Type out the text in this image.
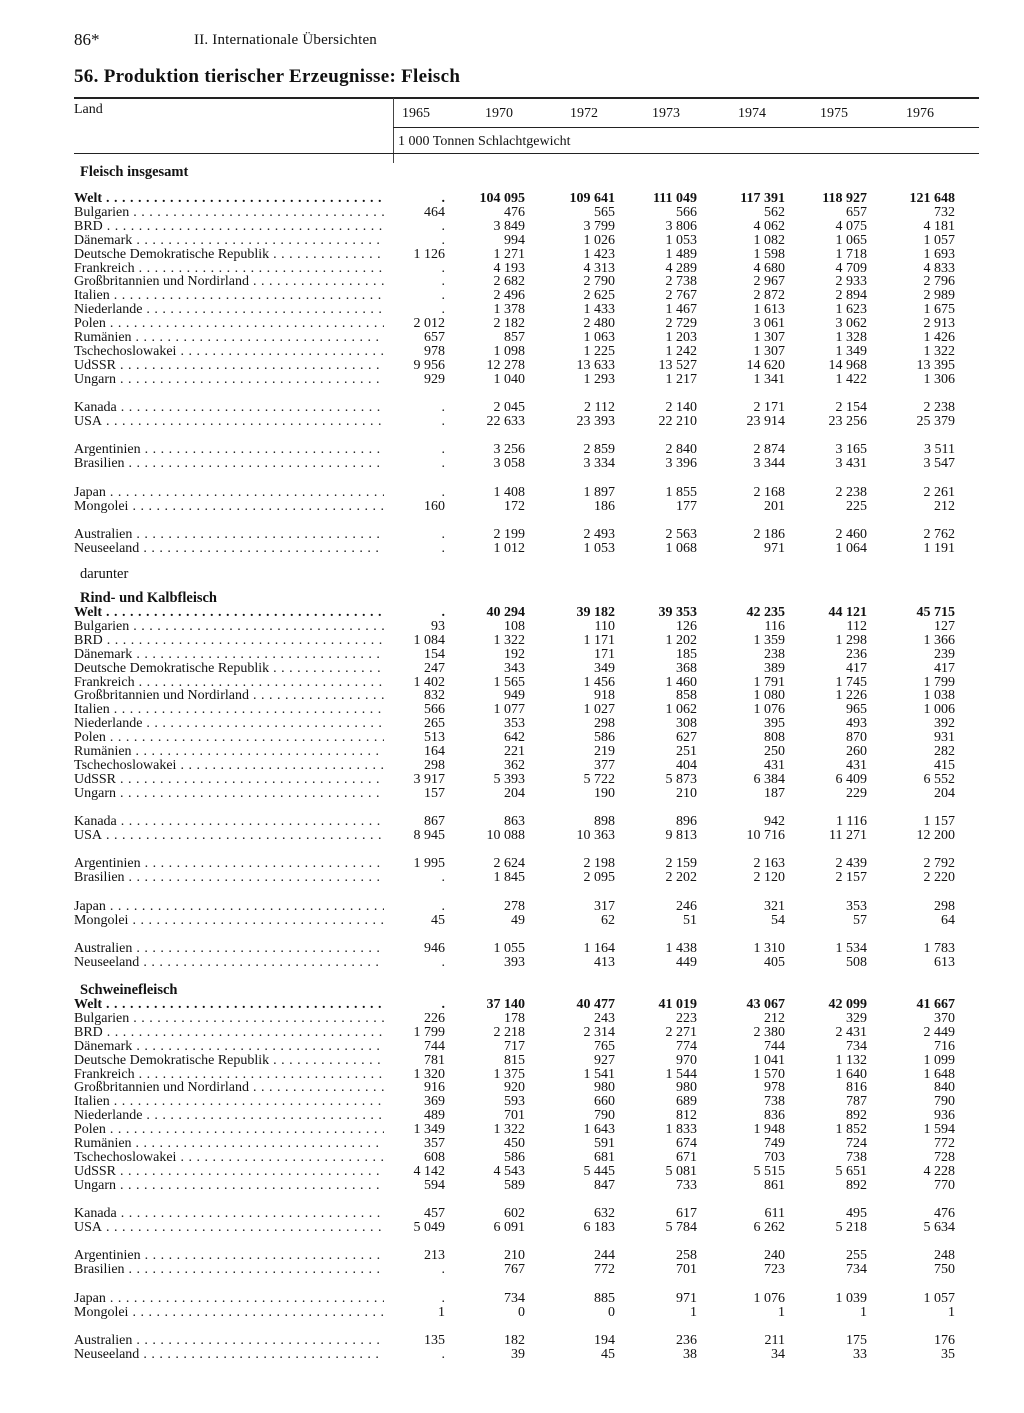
86*	II. Internationale Übersichten
56. Produktion tierischer Erzeugnisse: Fleisch
Land	1965	1970	1972	1973	1974	1975	1976
1 000 Tonnen Schlachtgewicht
Fleisch insgesamt
Welt . . .	.	104 095	109 641	111 049	117 391	118 927	121 648
Bulgarien . . .	464	476	565	566	562	657	732
BRD . . .	.	3 849	3 799	3 806	4 062	4 075	4 181
Dänemark . . .	.	994	1 026	1 053	1 082	1 065	1 057
Deutsche Demokratische Republik . . .	1 126	1 271	1 423	1 489	1 598	1 718	1 693
Frankreich . . .	.	4 193	4 313	4 289	4 680	4 709	4 833
Großbritannien und Nordirland . . .	.	2 682	2 790	2 738	2 967	2 933	2 796
Italien . . .	.	2 496	2 625	2 767	2 872	2 894	2 989
Niederlande . . .	.	1 378	1 433	1 467	1 613	1 623	1 675
Polen . . .	2 012	2 182	2 480	2 729	3 061	3 062	2 913
Rumänien . . .	657	857	1 063	1 203	1 307	1 328	1 426
Tschechoslowakei . . .	978	1 098	1 225	1 242	1 307	1 349	1 322
UdSSR . . .	9 956	12 278	13 633	13 527	14 620	14 968	13 395
Ungarn . . .	929	1 040	1 293	1 217	1 341	1 422	1 306
Kanada . . .	.	2 045	2 112	2 140	2 171	2 154	2 238
USA . . .	.	22 633	23 393	22 210	23 914	23 256	25 379
Argentinien . . .	.	3 256	2 859	2 840	2 874	3 165	3 511
Brasilien . . .	.	3 058	3 334	3 396	3 344	3 431	3 547
Japan . . .	.	1 408	1 897	1 855	2 168	2 238	2 261
Mongolei . . .	160	172	186	177	201	225	212
Australien . . .	.	2 199	2 493	2 563	2 186	2 460	2 762
Neuseeland . . .	.	1 012	1 053	1 068	971	1 064	1 191
darunter
Rind- und Kalbfleisch
Welt . . .	.	40 294	39 182	39 353	42 235	44 121	45 715
Bulgarien . . .	93	108	110	126	116	112	127
BRD . . .	1 084	1 322	1 171	1 202	1 359	1 298	1 366
Dänemark . . .	154	192	171	185	238	236	239
Deutsche Demokratische Republik . . .	247	343	349	368	389	417	417
Frankreich . . .	1 402	1 565	1 456	1 460	1 791	1 745	1 799
Großbritannien und Nordirland . . .	832	949	918	858	1 080	1 226	1 038
Italien . . .	566	1 077	1 027	1 062	1 076	965	1 006
Niederlande . . .	265	353	298	308	395	493	392
Polen . . .	513	642	586	627	808	870	931
Rumänien . . .	164	221	219	251	250	260	282
Tschechoslowakei . . .	298	362	377	404	431	431	415
UdSSR . . .	3 917	5 393	5 722	5 873	6 384	6 409	6 552
Ungarn . . .	157	204	190	210	187	229	204
Kanada . . .	867	863	898	896	942	1 116	1 157
USA . . .	8 945	10 088	10 363	9 813	10 716	11 271	12 200
Argentinien . . .	1 995	2 624	2 198	2 159	2 163	2 439	2 792
Brasilien . . .	.	1 845	2 095	2 202	2 120	2 157	2 220
Japan . . .	.	278	317	246	321	353	298
Mongolei . . .	45	49	62	51	54	57	64
Australien . . .	946	1 055	1 164	1 438	1 310	1 534	1 783
Neuseeland . . .	.	393	413	449	405	508	613
Schweinefleisch
Welt . . .	.	37 140	40 477	41 019	43 067	42 099	41 667
Bulgarien . . .	226	178	243	223	212	329	370
BRD . . .	1 799	2 218	2 314	2 271	2 380	2 431	2 449
Dänemark . . .	744	717	765	774	744	734	716
Deutsche Demokratische Republik . . .	781	815	927	970	1 041	1 132	1 099
Frankreich . . .	1 320	1 375	1 541	1 544	1 570	1 640	1 648
Großbritannien und Nordirland . . .	916	920	980	980	978	816	840
Italien . . .	369	593	660	689	738	787	790
Niederlande . . .	489	701	790	812	836	892	936
Polen . . .	1 349	1 322	1 643	1 833	1 948	1 852	1 594
Rumänien . . .	357	450	591	674	749	724	772
Tschechoslowakei . . .	608	586	681	671	703	738	728
UdSSR . . .	4 142	4 543	5 445	5 081	5 515	5 651	4 228
Ungarn . . .	594	589	847	733	861	892	770
Kanada . . .	457	602	632	617	611	495	476
USA . . .	5 049	6 091	6 183	5 784	6 262	5 218	5 634
Argentinien . . .	213	210	244	258	240	255	248
Brasilien . . .	.	767	772	701	723	734	750
Japan . . .	.	734	885	971	1 076	1 039	1 057
Mongolei . . .	1	0	0	1	1	1	1
Australien . . .	135	182	194	236	211	175	176
Neuseeland . . .	.	39	45	38	34	33	35
